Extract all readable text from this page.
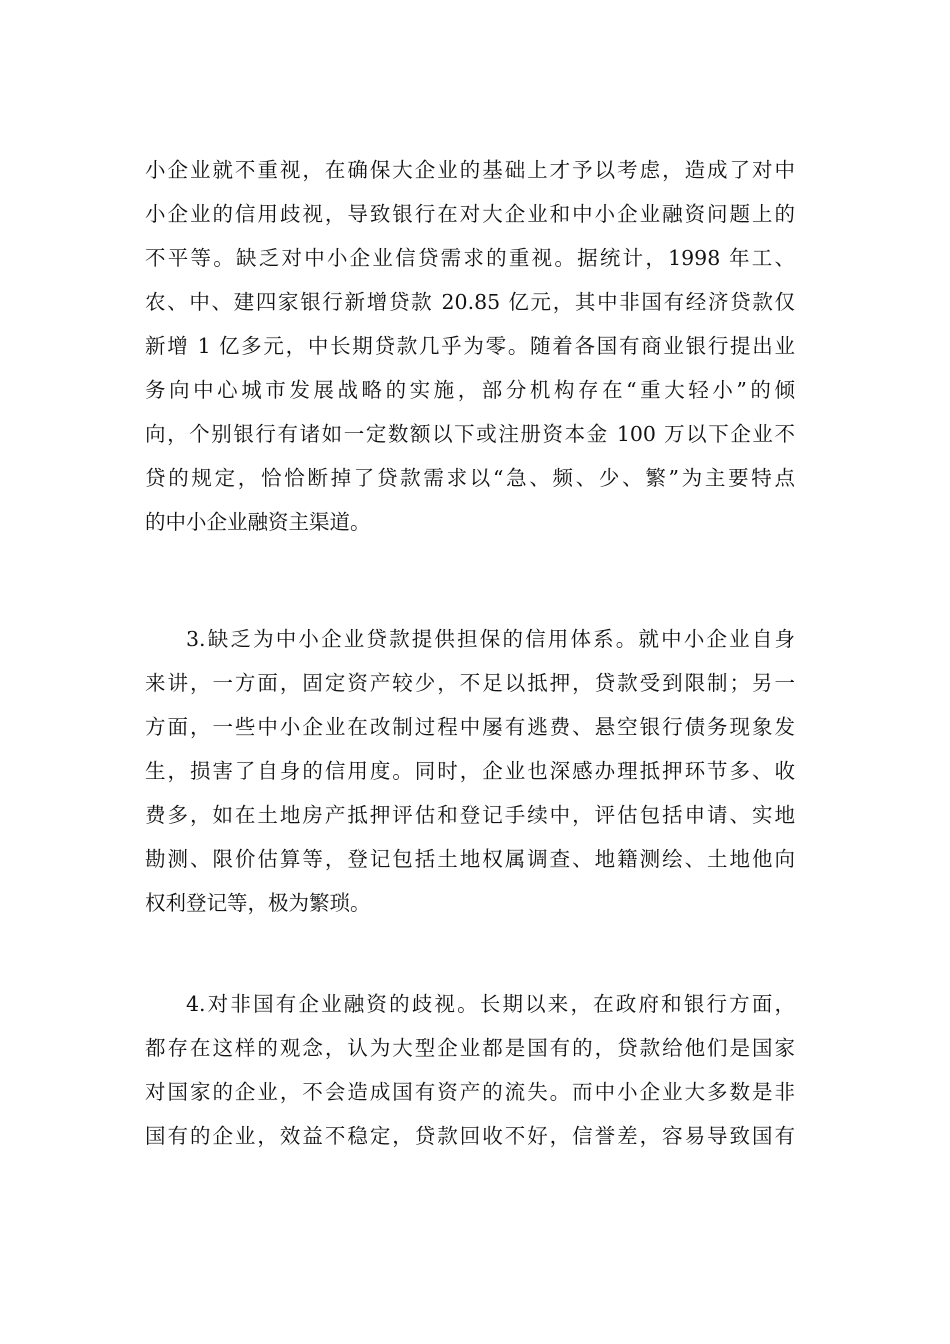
小企业就不重视，在确保大企业的基础上才予以考虑，造成了对中
小企业的信用歧视，导致银行在对大企业和中小企业融资问题上的
不平等。缺乏对中小企业信贷需求的重视。据统计，1998 年工、
农、中、建四家银行新增贷款 20.85 亿元，其中非国有经济贷款仅
新增 1 亿多元，中长期贷款几乎为零。随着各国有商业银行提出业
务向中心城市发展战略的实施，部分机构存在“重大轻小”的倾
向，个别银行有诸如一定数额以下或注册资本金 100 万以下企业不
贷的规定，恰恰断掉了贷款需求以“急、频、少、繁”为主要特点
的中小企业融资主渠道。
3.缺乏为中小企业贷款提供担保的信用体系。就中小企业自身
来讲，一方面，固定资产较少，不足以抵押，贷款受到限制；另一
方面，一些中小企业在改制过程中屡有逃费、悬空银行债务现象发
生，损害了自身的信用度。同时，企业也深感办理抵押环节多、收
费多，如在土地房产抵押评估和登记手续中，评估包括申请、实地
勘测、限价估算等，登记包括土地权属调查、地籍测绘、土地他向
权利登记等，极为繁琐。
4.对非国有企业融资的歧视。长期以来，在政府和银行方面，
都存在这样的观念，认为大型企业都是国有的，贷款给他们是国家
对国家的企业，不会造成国有资产的流失。而中小企业大多数是非
国有的企业，效益不稳定，贷款回收不好，信誉差，容易导致国有
